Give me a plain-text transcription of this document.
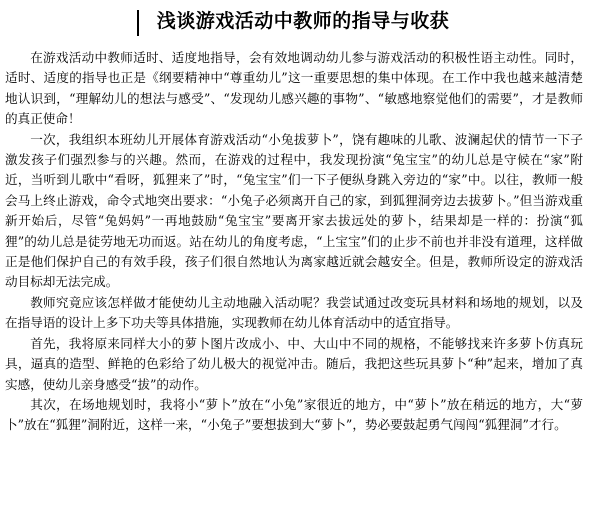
浅谈游戏活动中教师的指导与收获

在游戏活动中教师适时、适度地指导，会有效地调动幼儿参与游戏活动的积极性语主动性。同时，适时、适度的指导也正是《纲要精神中“尊重幼儿”这一重要思想的集中体现。在工作中我也越来越清楚地认识到，“理解幼儿的想法与感受”、“发现幼儿感兴趣的事物”、“敏感地察觉他们的需要”，才是教师的真正使命！

一次，我组织本班幼儿开展体育游戏活动“小兔拔萝卜”，饶有趣味的儿歌、波澜起伏的情节一下子激发孩子们强烈参与的兴趣。然而，在游戏的过程中，我发现扮演“兔宝宝”的幼儿总是守候在“家”附近，当听到儿歌中“看呀，狐狸来了”时，“兔宝宝”们一下子便纵身跳入旁边的“家”中。以往，教师一般会马上终止游戏，命令式地突出要求：“小兔子必须离开自己的家，到狐狸洞旁边去拔萝卜。”但当游戏重新开始后，尽管“兔妈妈”一再地鼓励“兔宝宝”要离开家去拔远处的萝卜，结果却是一样的：扮演“狐狸”的幼儿总是徒劳地无功而返。站在幼儿的角度考虑，“上宝宝”们的止步不前也并非没有道理，这样做正是他们保护自己的有效手段，孩子们很自然地认为离家越近就会越安全。但是，教师所设定的游戏活动目标却无法完成。

教师究竟应该怎样做才能使幼儿主动地融入活动呢？我尝试通过改变玩具材料和场地的规划，以及在指导语的设计上多下功夫等具体措施，实现教师在幼儿体育活动中的适宜指导。

首先，我将原来同样大小的萝卜图片改成小、中、大山中不同的规格，不能够找来许多萝卜仿真玩具，逼真的造型、鲜艳的色彩给了幼儿极大的视觉冲击。随后，我把这些玩具萝卜“种”起来，增加了真实感，使幼儿亲身感受“拔”的动作。

其次，在场地规划时，我将小“萝卜”放在“小兔”家很近的地方，中“萝卜”放在稍远的地方，大“萝卜”放在“狐狸”洞附近，这样一来，“小兔子”要想拔到大“萝卜”，势必要鼓起勇气闯闯“狐狸洞”才行。
